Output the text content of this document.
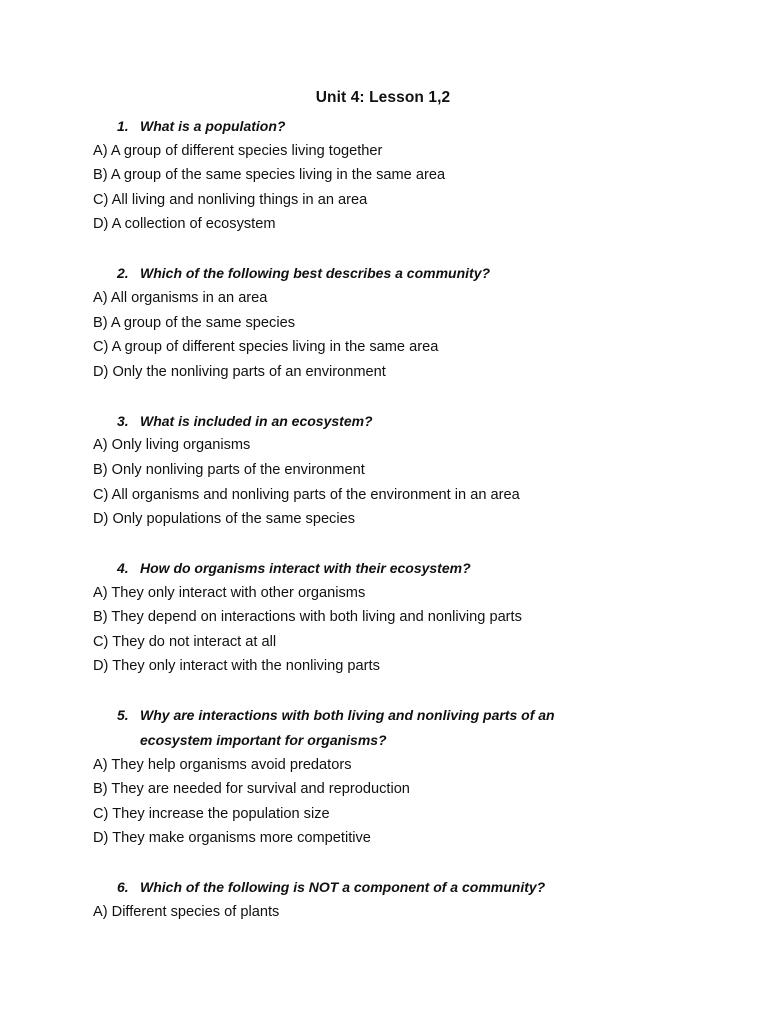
Unit 4: Lesson 1,2
1. What is a population?
A) A group of different species living together
B) A group of the same species living in the same area
C) All living and nonliving things in an area
D) A collection of ecosystem
2. Which of the following best describes a community?
A) All organisms in an area
B) A group of the same species
C) A group of different species living in the same area
D) Only the nonliving parts of an environment
3. What is included in an ecosystem?
A) Only living organisms
B) Only nonliving parts of the environment
C) All organisms and nonliving parts of the environment in an area
D) Only populations of the same species
4. How do organisms interact with their ecosystem?
A) They only interact with other organisms
B) They depend on interactions with both living and nonliving parts
C) They do not interact at all
D) They only interact with the nonliving parts
5. Why are interactions with both living and nonliving parts of an ecosystem important for organisms?
A) They help organisms avoid predators
B) They are needed for survival and reproduction
C) They increase the population size
D) They make organisms more competitive
6. Which of the following is NOT a component of a community?
A) Different species of plants
